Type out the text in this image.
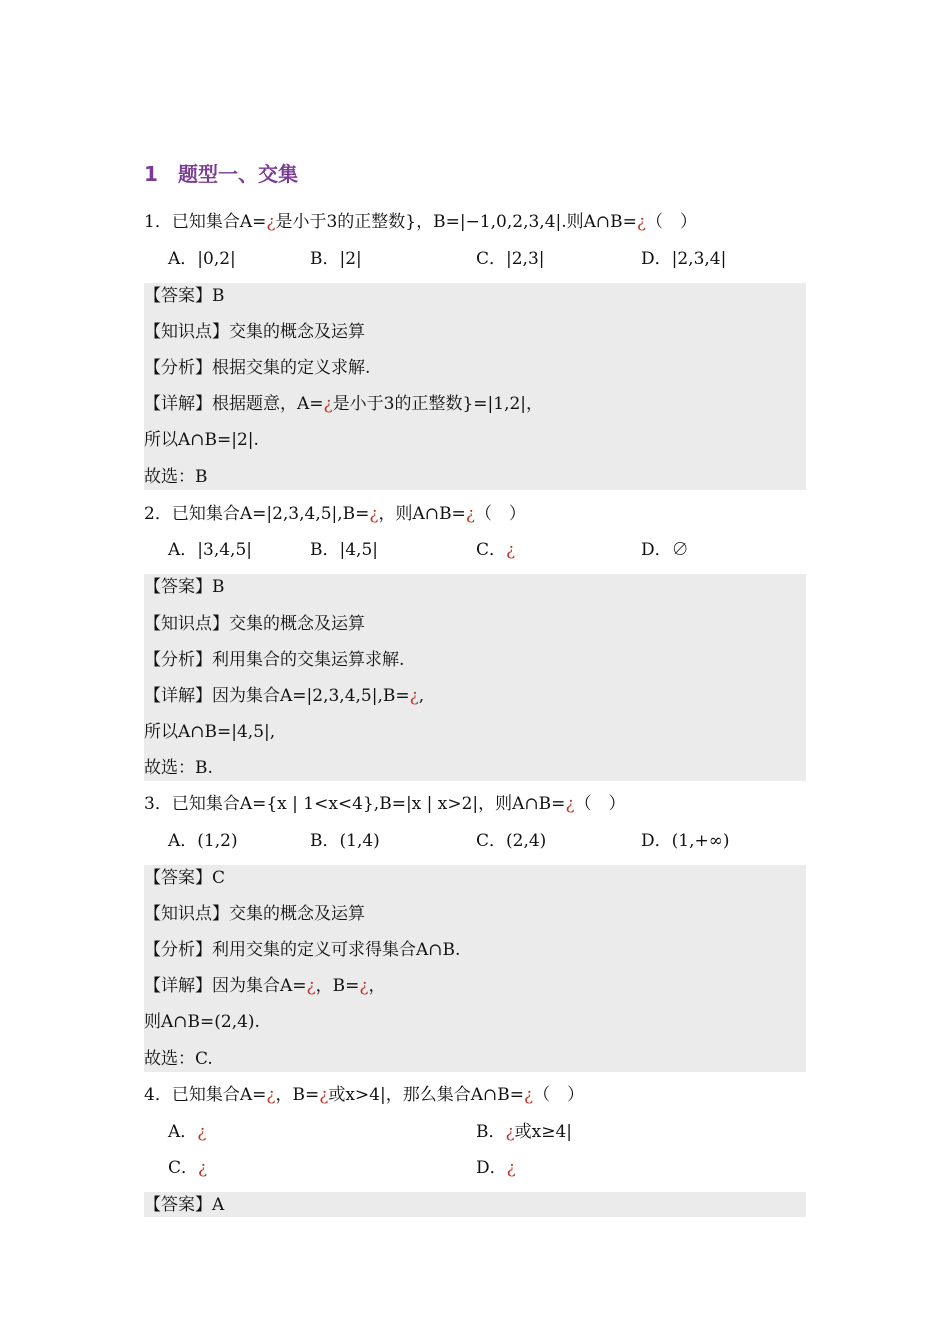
1 题型一、交集
1．已知集合A=¿是小于3的正整数}，B=|−1,0,2,3,4|.则A∩B=¿（　）
A．|0,2|	B．|2|	C．|2,3|	D．|2,3,4|
【答案】B
【知识点】交集的概念及运算
【分析】根据交集的定义求解.
【详解】根据题意，A=¿是小于3的正整数}=|1,2|，
所以A∩B=|2|.
故选：B
2．已知集合A=|2,3,4,5|,B=¿，则A∩B=¿（　）
A．|3,4,5|	B．|4,5|	C．¿	D．∅
【答案】B
【知识点】交集的概念及运算
【分析】利用集合的交集运算求解.
【详解】因为集合A=|2,3,4,5|,B=¿,
所以A∩B=|4,5|,
故选：B.
3．已知集合A={x | 1<x<4},B=|x | x>2|，则A∩B=¿（　）
A．(1,2)	B．(1,4)	C．(2,4)	D．(1,+∞)
【答案】C
【知识点】交集的概念及运算
【分析】利用交集的定义可求得集合A∩B.
【详解】因为集合A=¿，B=¿，
则A∩B=(2,4).
故选：C.
4．已知集合A=¿，B=¿或x>4|，那么集合A∩B=¿（　）
A．¿	B．¿或x≥4|
C．¿	D．¿
【答案】A
